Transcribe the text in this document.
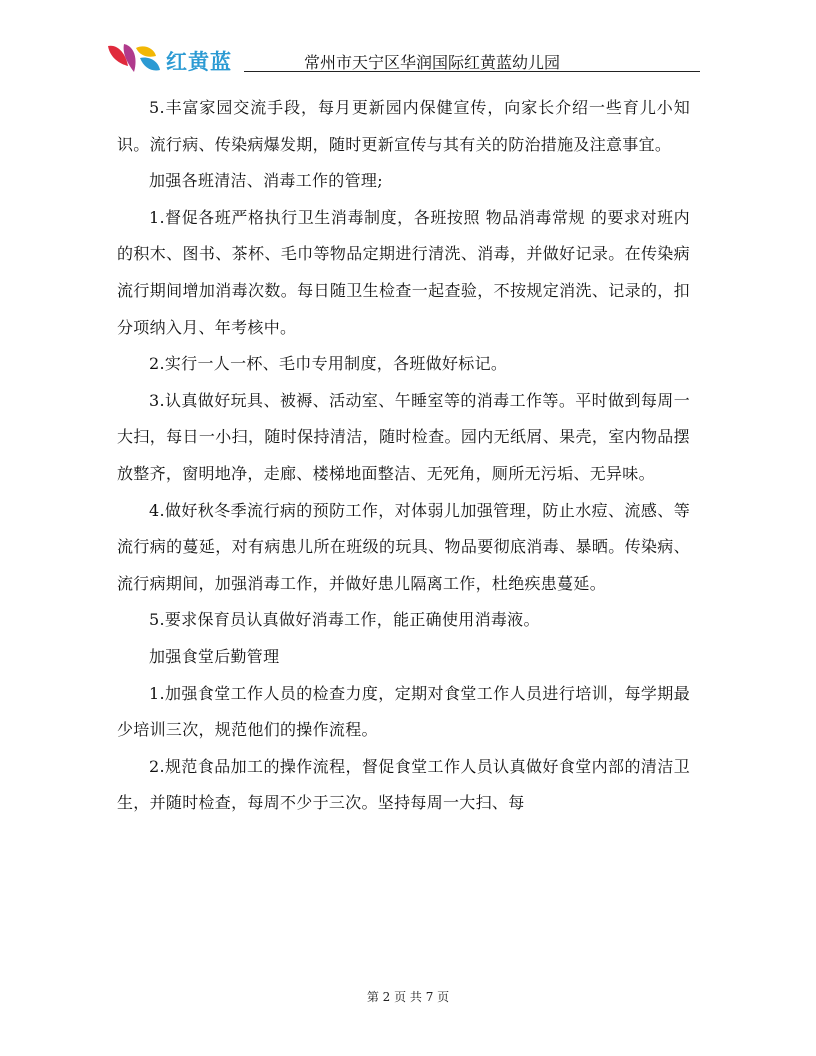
红黄蓝	常州市天宁区华润国际红黄蓝幼儿园

5.丰富家园交流手段，每月更新园内保健宣传，向家长介绍一些育儿小知识。流行病、传染病爆发期，随时更新宣传与其有关的防治措施及注意事宜。

加强各班清洁、消毒工作的管理;

1.督促各班严格执行卫生消毒制度，各班按照 物品消毒常规 的要求对班内的积木、图书、茶杯、毛巾等物品定期进行清洗、消毒，并做好记录。在传染病流行期间增加消毒次数。每日随卫生检查一起查验，不按规定消洗、记录的，扣分项纳入月、年考核中。

2.实行一人一杯、毛巾专用制度，各班做好标记。

3.认真做好玩具、被褥、活动室、午睡室等的消毒工作等。平时做到每周一大扫，每日一小扫，随时保持清洁，随时检查。园内无纸屑、果壳，室内物品摆放整齐，窗明地净，走廊、楼梯地面整洁、无死角，厕所无污垢、无异味。

4.做好秋冬季流行病的预防工作，对体弱儿加强管理，防止水痘、流感、等流行病的蔓延，对有病患儿所在班级的玩具、物品要彻底消毒、暴晒。传染病、流行病期间，加强消毒工作，并做好患儿隔离工作，杜绝疾患蔓延。

5.要求保育员认真做好消毒工作，能正确使用消毒液。

加强食堂后勤管理

1.加强食堂工作人员的检查力度，定期对食堂工作人员进行培训，每学期最少培训三次，规范他们的操作流程。

2.规范食品加工的操作流程，督促食堂工作人员认真做好食堂内部的清洁卫生，并随时检查，每周不少于三次。坚持每周一大扫、每

第 2 页 共 7 页
